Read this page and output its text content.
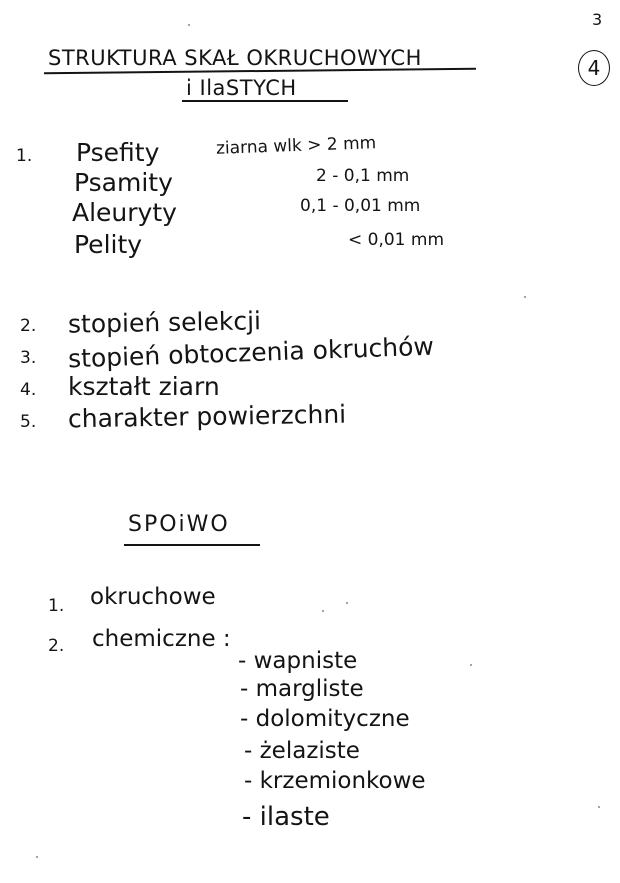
3
4
STRUKTURA SKAŁ OKRUCHOWYCH
i IlaSTYCH
1. Psefity	ziarna wlk > 2 mm
Psamity	2 - 0,1 mm
Aleuryty	0,1 - 0,01 mm
Pelity	< 0,01 mm
2. stopień selekcji
3. stopień obtoczenia okruchów
4. kształt ziarn
5. charakter powierzchni
SPOiWO
1. okruchowe
2. chemiczne :
- wapniste
- margliste
- dolomityczne
- żelaziste
- krzemionkowe
- ilaste
